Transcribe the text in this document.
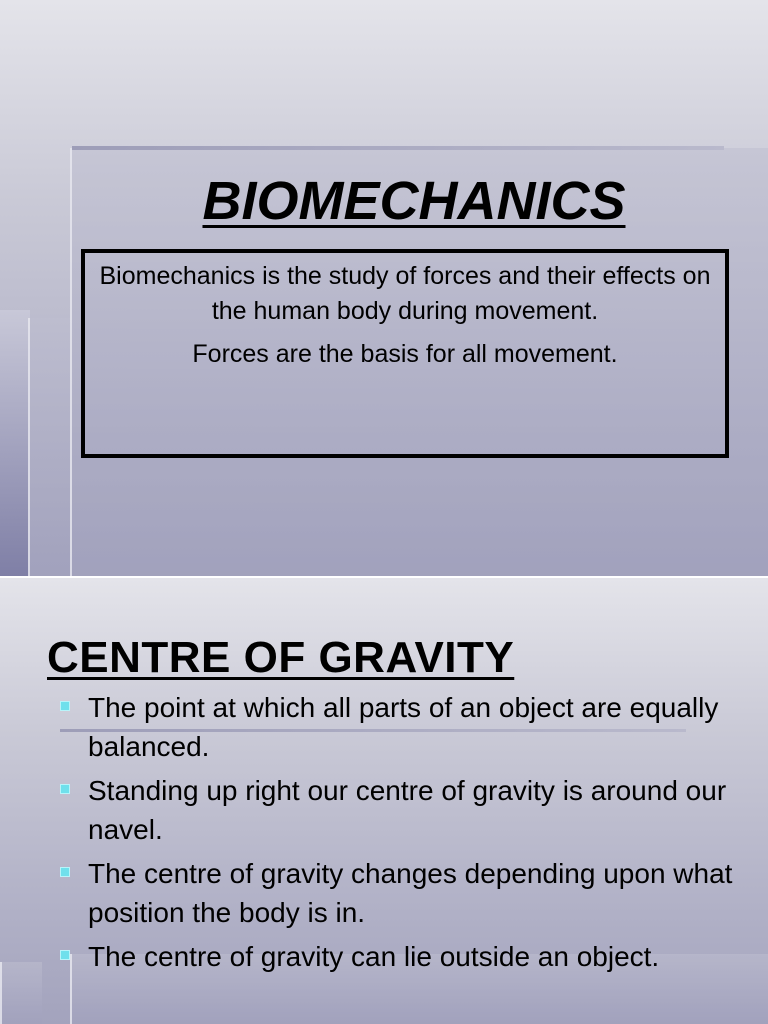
BIOMECHANICS

Biomechanics is the study of forces and their effects on the human body during movement.

Forces are the basis for all movement.

CENTRE OF GRAVITY
The point at which all parts of an object are equally balanced.
Standing up right our centre of gravity is around our navel.
The centre of gravity changes depending upon what position the body is in.
The centre of gravity can lie outside an object.
